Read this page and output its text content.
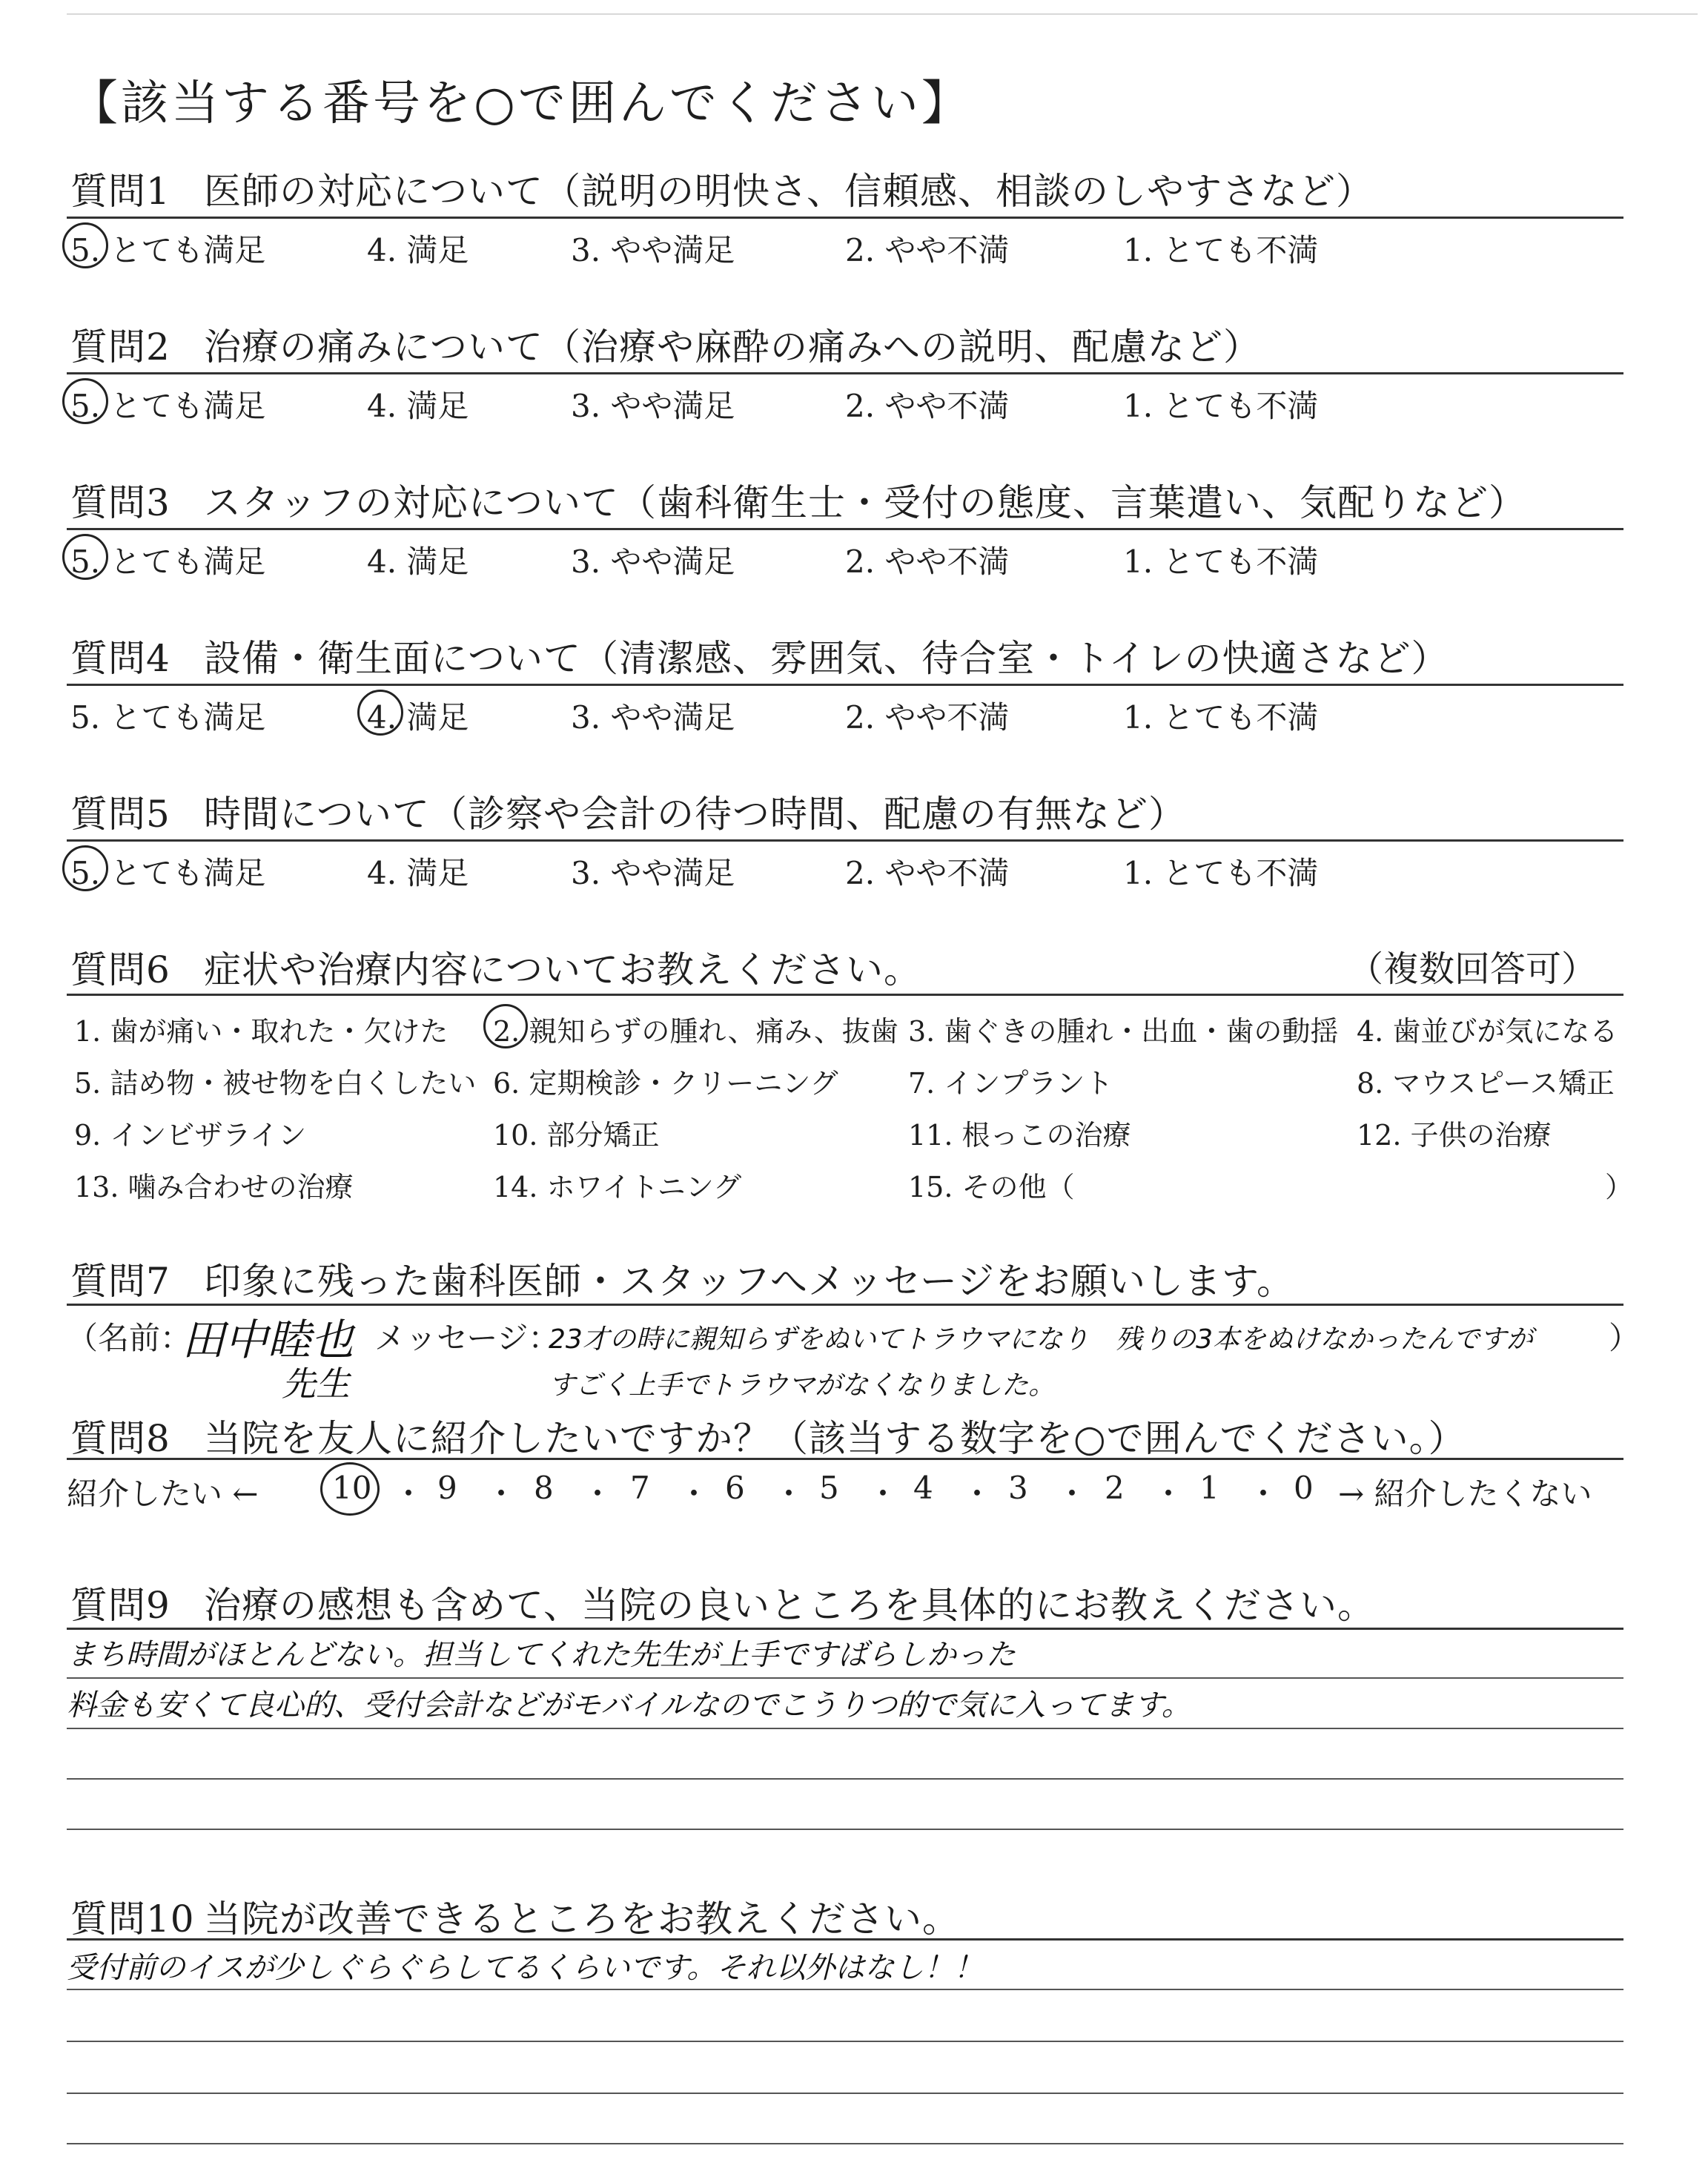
【該当する番号を○で囲んでください】
質問1 医師の対応について（説明の明快さ、信頼感、相談のしやすさなど）
5. とても満足	4. 満足	3. やや満足	2. やや不満	1. とても不満
質問2 治療の痛みについて（治療や麻酔の痛みへの説明、配慮など）
5. とても満足	4. 満足	3. やや満足	2. やや不満	1. とても不満
質問3 スタッフの対応について（歯科衛生士・受付の態度、言葉遣い、気配りなど）
5. とても満足	4. 満足	3. やや満足	2. やや不満	1. とても不満
質問4 設備・衛生面について（清潔感、雰囲気、待合室・トイレの快適さなど）
5. とても満足	4. 満足	3. やや満足	2. やや不満	1. とても不満
質問5 時間について（診察や会計の待つ時間、配慮の有無など）
5. とても満足	4. 満足	3. やや満足	2. やや不満	1. とても不満
質問6 症状や治療内容についてお教えください。	（複数回答可）
1. 歯が痛い・取れた・欠けた 2. 親知らずの腫れ、痛み、抜歯 3. 歯ぐきの腫れ・出血・歯の動揺 4. 歯並びが気になる
5. 詰め物・被せ物を白くしたい 6. 定期検診・クリーニング 7. インプラント	8. マウスピース矯正
9. インビザライン	10. 部分矯正	11. 根っこの治療	12. 子供の治療
13. 噛み合わせの治療	14. ホワイトニング	15. その他（	）
質問7 印象に残った歯科医師・スタッフへメッセージをお願いします。
（名前：
田中睦也
先生
メッセージ：
23才の時に親知らずをぬいてトラウマになり　残りの3本をぬけなかったんですが
すごく上手でトラウマがなくなりました。
）
質問8 当院を友人に紹介したいですか？（該当する数字を○で囲んでください。）
紹介したい ← 10 ・ 9 ・ 8 ・ 7 ・ 6 ・ 5 ・ 4 ・ 3 ・ 2 ・ 1 ・ 0 → 紹介したくない
質問9 治療の感想も含めて、当院の良いところを具体的にお教えください。
まち時間がほとんどない。担当してくれた先生が上手ですばらしかった
料金も安くて良心的、受付会計などがモバイルなのでこうりつ的で気に入ってます。
質問10 当院が改善できるところをお教えください。
受付前のイスが少しぐらぐらしてるくらいです。それ以外はなし！！
